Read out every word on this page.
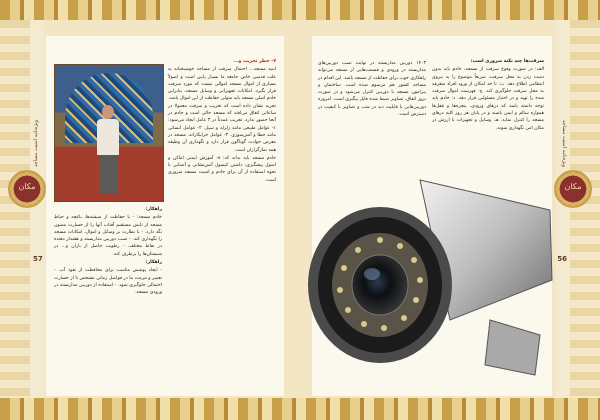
ویژه‌نامه امنیت مساجد	ویژه‌نامه امنیت مساجد
57	56
مکان	مکان

۷- خطر تخریب و...

ابنیه مسجد... احتمال سرقت از مساجد خوشبختانه به علت قدسی خاص جامعه ما بسیار پایین است و اصولاً بسیاری از اموال مسجد اموالی نیست که مورد سرقت قرار بگیرد. امکانات تجهیزاتی و وسایل مسجد، بنابراین خادم اصلی مسجد باید متولی حفاظت از این اموال باشد. تجربه نشان داده است که تخریب و سرقت معمولا در ساعاتی اتفاق می‌افتد که مسجد خالی است و خادم در آنجا حضور ندارد. تخریب عمدتاً در ۳ عامل ایجاد می‌شود: ۱- عوامل طبیعی مانند زلزله و سیل. ۲- عوامل انسانی مانند خطا و آتش‌سوزی. ۳- عوامل خرابکارانه. مسجد در معرض حوادث گوناگون قرار دارد و نگهداری آن وظیفه همه نمازگزاران است.

خادم مسجد باید بداند که: ۸- آموزش ایمنی اماکن و اصول پیشگیری، داشتن کپسول آتش‌نشانی و آشنایی با نحوه استفاده از آن برای خادم و امنیت مسجد ضروری است.

راهکار:

خادم مسجد: - با حفاظت از شیشه‌ها، باغچه و حیاط مسجد از تابش مستقیم آفتاب آنها را از خسارت مصون نگه دارد. - با نظارت بر وسایل و اموال، امکانات مسجد را نگهداری کند. - نصب دوربین مداربسته و هشدار دهنده در نقاط مختلف. - رطوبت حاصل از باران و... در شبستان‌ها را برطرف کند.

راهکار:

- ایجاد پوشش مناسب برای محافظت از نفوذ آب. - تعمیر و مرمت بنا در فواصل زمانی مشخص تا از خسارت احتمالی جلوگیری شود. - استفاده از دوربین مداربسته در ورودی مسجد.

۱۴۰۳ دوربین مداربسته در نهایت نصب دوربین‌های مداربسته در ورودی و قسمت‌هایی از مسجد می‌تواند راهکاری خوب برای حفاظت از مسجد باشد. این اقدام در مساجد کشور هم مرسوم شده است. ساختمان و پیرامون مسجد با دوربین کنترل می‌شود و در صورت بروز اتفاق، تصاویر ضبط شده قابل پیگیری است. امروزه دوربین‌هایی با قابلیت دید در شب و تصاویر با کیفیت در دسترس است.

سرقت‌ها چند نکته ضروری است:

الف: در صورت وقوع سرقت از مسجد، خادم باید بدون دست زدن به محل سرقت، سریعاً موضوع را به نیروی انتظامی اطلاع دهد. ب: تا حد امکان از ورود افراد متفرقه به محل سرقت جلوگیری کند. ج: فهرست اموال سرقت شده را تهیه و در اختیار مسئولین قرار دهد. د: خادم باید توجه داشته باشد که درهای ورودی، پنجره‌ها و قفل‌ها همواره سالم و ایمن باشند و در پایان هر روز کلیه درهای مسجد را کنترل نماید. هـ: وسایل و تجهیزات با ارزش در مکان امن نگهداری شوند.
